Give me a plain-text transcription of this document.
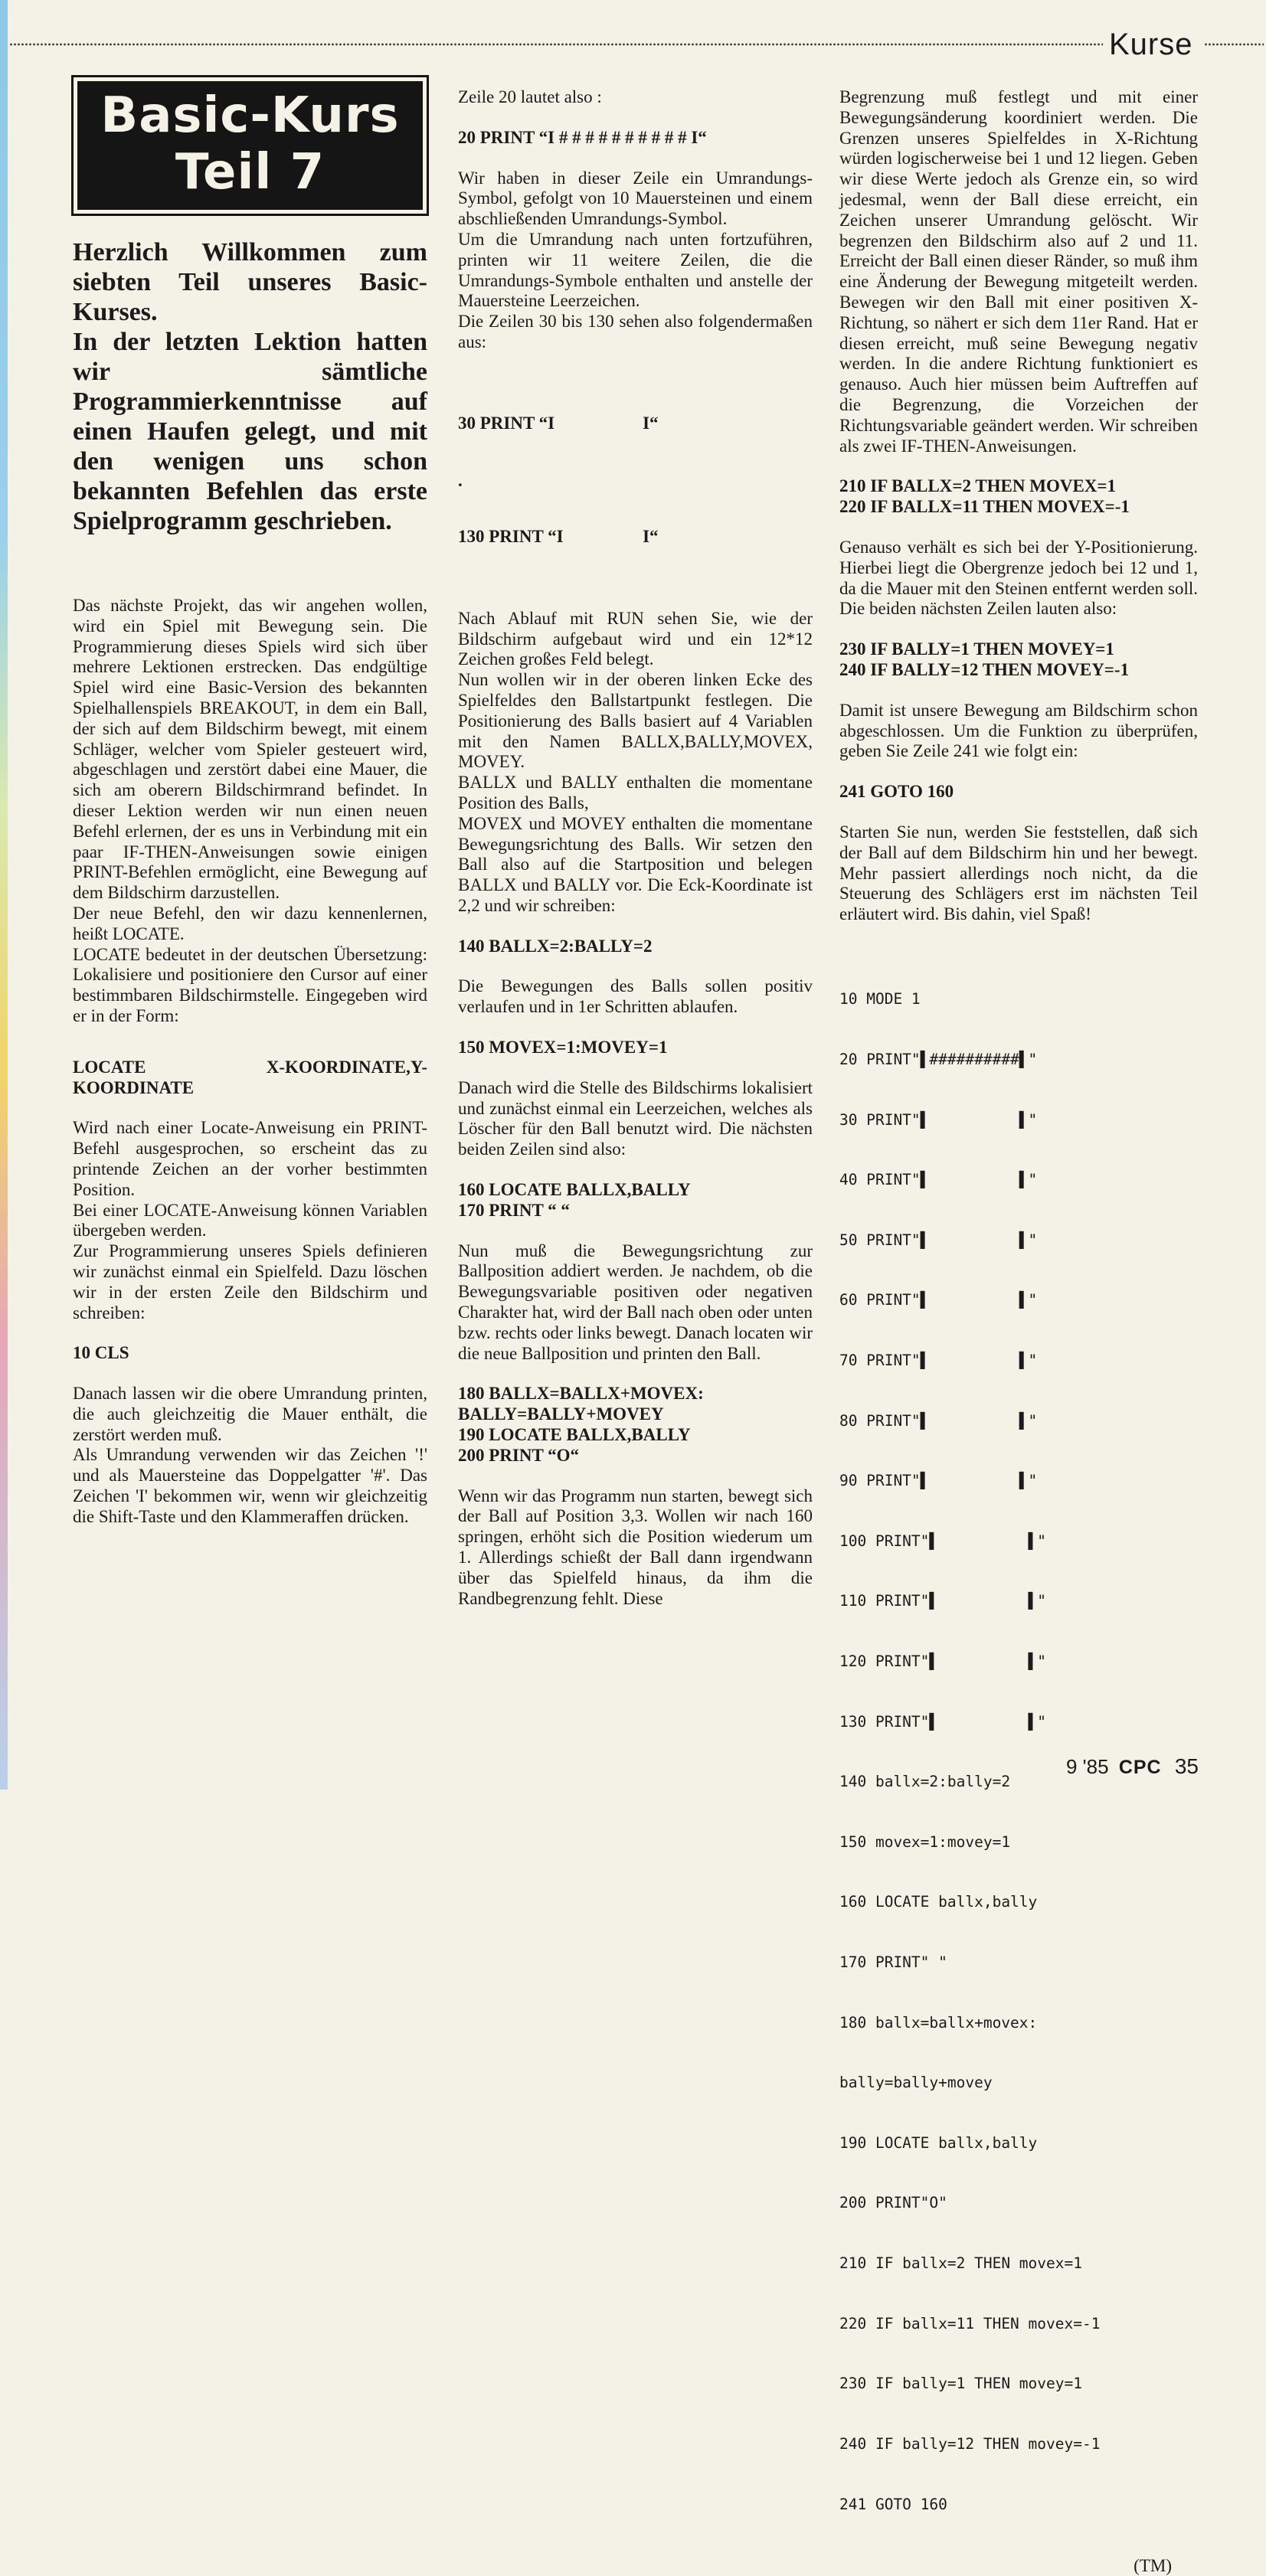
Kurse
Basic-Kurs
Teil 7

Herzlich Willkommen zum siebten Teil unseres Basic-Kurses.

In der letzten Lektion hatten wir sämtliche Programmierkenntnisse auf einen Haufen gelegt, und mit den wenigen uns schon bekannten Befehlen das erste Spielprogramm geschrieben.

Das nächste Projekt, das wir angehen wollen, wird ein Spiel mit Bewegung sein. Die Programmierung dieses Spiels wird sich über mehrere Lektionen erstrecken. Das endgültige Spiel wird eine Basic-Version des bekannten Spielhallenspiels BREAKOUT, in dem ein Ball, der sich auf dem Bildschirm bewegt, mit einem Schläger, welcher vom Spieler gesteuert wird, abgeschlagen und zerstört dabei eine Mauer, die sich am oberern Bildschirmrand befindet. In dieser Lektion werden wir nun einen neuen Befehl erlernen, der es uns in Verbindung mit ein paar IF-THEN-Anweisungen sowie einigen PRINT-Befehlen ermöglicht, eine Bewegung auf dem Bildschirm darzustellen.

Der neue Befehl, den wir dazu kennenlernen, heißt LOCATE.

LOCATE bedeutet in der deutschen Übersetzung: Lokalisiere und positioniere den Cursor auf einer bestimmbaren Bildschirmstelle. Eingegeben wird er in der Form:

LOCATE X-KOORDINATE,Y-KOORDINATE

Wird nach einer Locate-Anweisung ein PRINT-Befehl ausgesprochen, so erscheint das zu printende Zeichen an der vorher bestimmten Position.

Bei einer LOCATE-Anweisung können Variablen übergeben werden.

Zur Programmierung unseres Spiels definieren wir zunächst einmal ein Spielfeld. Dazu löschen wir in der ersten Zeile den Bildschirm und schreiben:

10 CLS

Danach lassen wir die obere Umrandung printen, die auch gleichzeitig die Mauer enthält, die zerstört werden muß.

Als Umrandung verwenden wir das Zeichen '!' und als Mauersteine das Doppelgatter '#'. Das Zeichen 'I' bekommen wir, wenn wir gleichzeitig die Shift-Taste und den Klammeraffen drücken.

Zeile 20 lautet also :

20 PRINT “I # # # # # # # # # # I“

Wir haben in dieser Zeile ein Umrandungs-Symbol, gefolgt von 10 Mauersteinen und einem abschließenden Umrandungs-Symbol.

Um die Umrandung nach unten fortzuführen, printen wir 11 weitere Zeilen, die die Umrandungs-Symbole enthalten und anstelle der Mauersteine Leerzeichen.

Die Zeilen 30 bis 130 sehen also folgendermaßen aus:

30 PRINT “I                    I“

.

130 PRINT “I                  I“

Nach Ablauf mit RUN sehen Sie, wie der Bildschirm aufgebaut wird und ein 12*12 Zeichen großes Feld belegt.

Nun wollen wir in der oberen linken Ecke des Spielfeldes den Ballstartpunkt festlegen. Die Positionierung des Balls basiert auf 4 Variablen mit den Namen BALLX,BALLY,MOVEX, MOVEY.

BALLX und BALLY enthalten die momentane Position des Balls,

MOVEX und MOVEY enthalten die momentane Bewegungsrichtung des Balls. Wir setzen den Ball also auf die Startposition und belegen BALLX und BALLY vor. Die Eck-Koordinate ist 2,2 und wir schreiben:

140 BALLX=2:BALLY=2

Die Bewegungen des Balls sollen positiv verlaufen und in 1er Schritten ablaufen.

150 MOVEX=1:MOVEY=1

Danach wird die Stelle des Bildschirms lokalisiert und zunächst einmal ein Leerzeichen, welches als Löscher für den Ball benutzt wird. Die nächsten beiden Zeilen sind also:

160 LOCATE BALLX,BALLY
170 PRINT “ “

Nun muß die Bewegungsrichtung zur Ballposition addiert werden. Je nachdem, ob die Bewegungsvariable positiven oder negativen Charakter hat, wird der Ball nach oben oder unten bzw. rechts oder links bewegt. Danach locaten wir die neue Ballposition und printen den Ball.

180 BALLX=BALLX+MOVEX:
BALLY=BALLY+MOVEY
190 LOCATE BALLX,BALLY
200 PRINT “O“

Wenn wir das Programm nun starten, bewegt sich der Ball auf Position 3,3. Wollen wir nach 160 springen, erhöht sich die Position wiederum um 1. Allerdings schießt der Ball dann irgendwann über das Spielfeld hinaus, da ihm die Randbegrenzung fehlt. Diese

Begrenzung muß festlegt und mit einer Bewegungsänderung koordiniert werden. Die Grenzen unseres Spielfeldes in X-Richtung würden logischerweise bei 1 und 12 liegen. Geben wir diese Werte jedoch als Grenze ein, so wird jedesmal, wenn der Ball diese erreicht, ein Zeichen unserer Umrandung gelöscht. Wir begrenzen den Bildschirm also auf 2 und 11. Erreicht der Ball einen dieser Ränder, so muß ihm eine Änderung der Bewegung mitgeteilt werden. Bewegen wir den Ball mit einer positiven X-Richtung, so nähert er sich dem 11er Rand. Hat er diesen erreicht, muß seine Bewegung negativ werden. In die andere Richtung funktioniert es genauso. Auch hier müssen beim Auftreffen auf die Begrenzung, die Vorzeichen der Richtungsvariable geändert werden. Wir schreiben als zwei IF-THEN-Anweisungen.

210 IF BALLX=2 THEN MOVEX=1
220 IF BALLX=11 THEN MOVEX=-1

Genauso verhält es sich bei der Y-Positionierung. Hierbei liegt die Obergrenze jedoch bei 12 und 1, da die Mauer mit den Steinen entfernt werden soll. Die beiden nächsten Zeilen lauten also:

230 IF BALLY=1 THEN MOVEY=1
240 IF BALLY=12 THEN MOVEY=-1

Damit ist unsere Bewegung am Bildschirm schon abgeschlossen. Um die Funktion zu überprüfen, geben Sie Zeile 241 wie folgt ein:

241 GOTO 160

Starten Sie nun, werden Sie feststellen, daß sich der Ball auf dem Bildschirm hin und her bewegt. Mehr passiert allerdings noch nicht, da die Steuerung des Schlägers erst im nächsten Teil erläutert wird. Bis dahin, viel Spaß!

10 MODE 1

20 PRINT"▌##########▌"

30 PRINT"▌          ▌"

40 PRINT"▌          ▌"

50 PRINT"▌          ▌"

60 PRINT"▌          ▌"

70 PRINT"▌          ▌"

80 PRINT"▌          ▌"

90 PRINT"▌          ▌"

100 PRINT"▌          ▌"

110 PRINT"▌          ▌"

120 PRINT"▌          ▌"

130 PRINT"▌          ▌"

140 ballx=2:bally=2

150 movex=1:movey=1

160 LOCATE ballx,bally

170 PRINT" "

180 ballx=ballx+movex:

bally=bally+movey

190 LOCATE ballx,bally

200 PRINT"O"

210 IF ballx=2 THEN movex=1

220 IF ballx=11 THEN movex=-1

230 IF bally=1 THEN movey=1

240 IF bally=12 THEN movey=-1

241 GOTO 160

(TM)
9 '85 CPC 35
